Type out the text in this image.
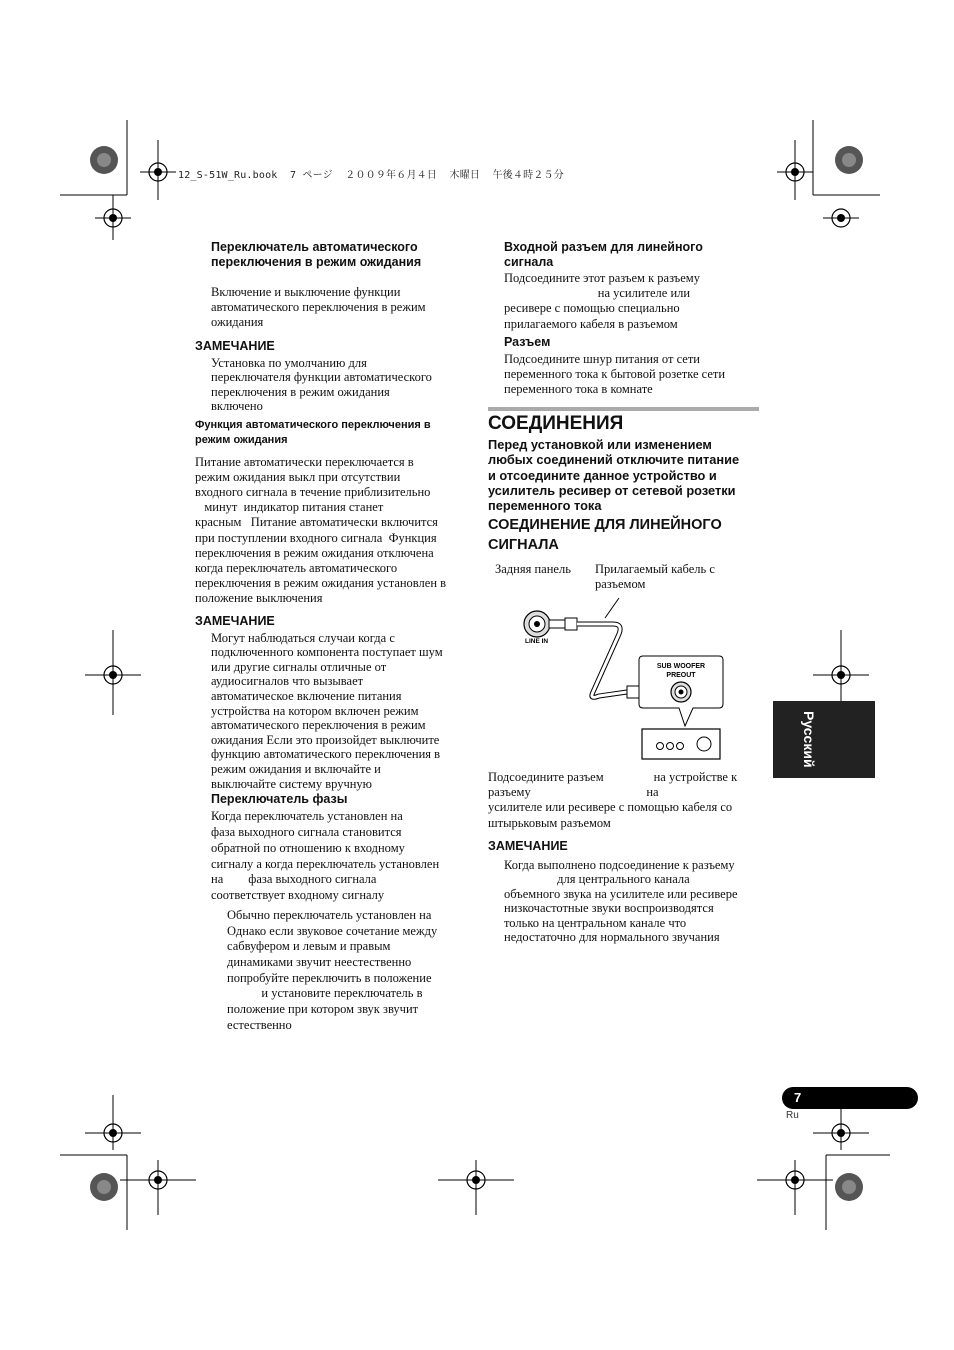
12_S-51W_Ru.book  7 ページ  ２００９年６月４日  木曜日  午後４時２５分
Переключатель автоматического
переключения в режим ожидания
Включение и выключение функции
автоматического переключения в режим
ожидания
ЗАМЕЧАНИЕ
Установка по умолчанию для
переключателя функции автоматического
переключения в режим ожидания
включено
Функция автоматического переключения в
режим ожидания
Питание автоматически переключается в
режим ожидания выкл при отсутствии
входного сигнала в течение приблизительно
минут  индикатор питания станет
красным   Питание автоматически включится
при поступлении входного сигнала  Функция
переключения в режим ожидания отключена
когда переключатель автоматического
переключения в режим ожидания установлен в
положение выключения
ЗАМЕЧАНИЕ
Могут наблюдаться случаи когда с
подключенного компонента поступает шум
или другие сигналы отличные от
аудиосигналов что вызывает
автоматическое включение питания
устройства на котором включен режим
автоматического переключения в режим
ожидания Если это произойдет выключите
функцию автоматического переключения в
режим ожидания и включайте и
выключайте систему вручную
Переключатель фазы
Когда переключатель установлен на
фаза выходного сигнала становится
обратной по отношению к входному
сигналу а когда переключатель установлен
на        фаза выходного сигнала
соответствует входному сигналу
Обычно переключатель установлен на
Однако если звуковое сочетание между
сабвуфером и левым и правым
динамиками звучит неестественно
попробуйте переключить в положение
и установите переключатель в
положение при котором звук звучит
естественно
Входной разъем для линейного
сигнала
Подсоедините этот разъем к разъему
на усилителе или
ресивере с помощью специально
прилагаемого кабеля в разъемом
Разъем
Подсоедините шнур питания от сети
переменного тока к бытовой розетке сети
переменного тока в комнате
СОЕДИНЕНИЯ
Перед установкой или изменением
любых соединений отключите питание
и отсоедините данное устройство и
усилитель ресивер от сетевой розетки
переменного тока
СОЕДИНЕНИЕ ДЛЯ ЛИНЕЙНОГО
СИГНАЛА
Задняя панель Прилагаемый кабель с
разъемом
LINE IN
SUB WOOFER
PREOUT
Подсоедините разъем                на устройстве к
разъему                                     на
усилителе или ресивере с помощью кабеля со
штырьковым разъемом
ЗАМЕЧАНИЕ
Когда выполнено подсоединение к разъему
для центрального канала
объемного звука на усилителе или ресивере
низкочастотные звуки воспроизводятся
только на центральном канале что
недостаточно для нормального звучания
Русский
7
Ru
